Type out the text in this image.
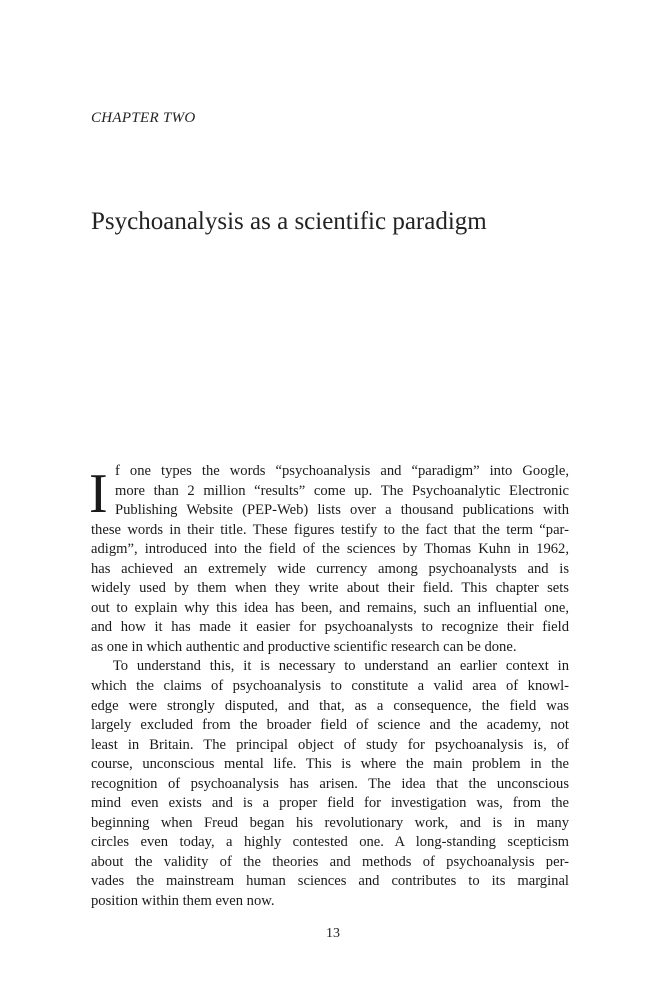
CHAPTER TWO
Psychoanalysis as a scientific paradigm
I f one types the words “psychoanalysis and “paradigm” into Google,
more than 2 million “results” come up. The Psychoanalytic Electronic
Publishing Website (PEP-Web) lists over a thousand publications with
these words in their title. These figures testify to the fact that the term “par-
adigm”, introduced into the field of the sciences by Thomas Kuhn in 1962,
has achieved an extremely wide currency among psychoanalysts and is
widely used by them when they write about their field. This chapter sets
out to explain why this idea has been, and remains, such an influential one,
and how it has made it easier for psychoanalysts to recognize their field
as one in which authentic and productive scientific research can be done.
To understand this, it is necessary to understand an earlier context in
which the claims of psychoanalysis to constitute a valid area of knowl-
edge were strongly disputed, and that, as a consequence, the field was
largely excluded from the broader field of science and the academy, not
least in Britain. The principal object of study for psychoanalysis is, of
course, unconscious mental life. This is where the main problem in the
recognition of psychoanalysis has arisen. The idea that the unconscious
mind even exists and is a proper field for investigation was, from the
beginning when Freud began his revolutionary work, and is in many
circles even today, a highly contested one. A long-standing scepticism
about the validity of the theories and methods of psychoanalysis per-
vades the mainstream human sciences and contributes to its marginal
position within them even now.
13
